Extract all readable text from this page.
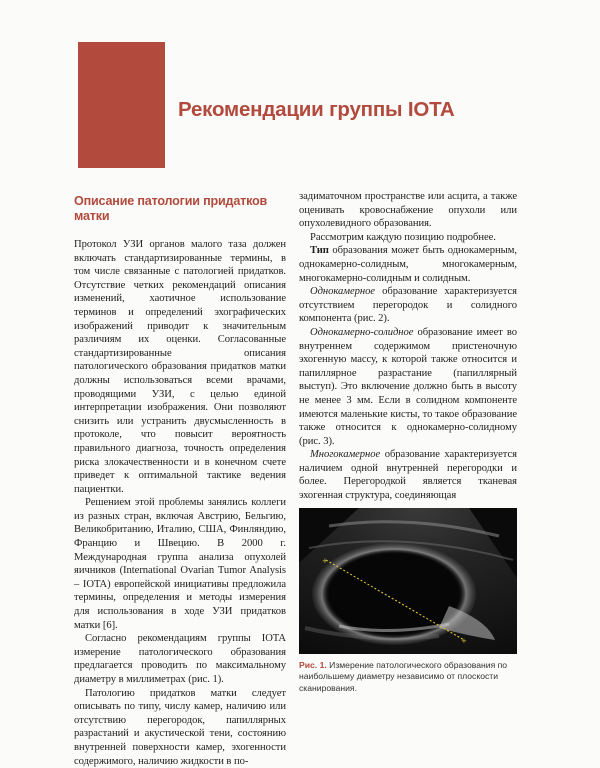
Рекомендации группы IOTA
Описание патологии придатков матки

Протокол УЗИ органов малого таза должен включать стандартизированные термины, в том числе связанные с патологией придатков. Отсутствие четких рекомендаций описания изменений, хаотичное использование терминов и определений эхографических изображений приводит к значительным различиям их оценки. Согласованные стандартизированные описания патологического образования придатков матки должны использоваться всеми врачами, проводящими УЗИ, с целью единой интерпретации изображения. Они позволяют снизить или устранить двусмысленность в протоколе, что повысит вероятность правильного диагноза, точность определения риска злокачественности и в конечном счете приведет к оптимальной тактике ведения пациентки.

Решением этой проблемы занялись коллеги из разных стран, включая Австрию, Бельгию, Великобританию, Италию, США, Финляндию, Францию и Швецию. В 2000 г. Международная группа анализа опухолей яичников (International Ovarian Tumor Analysis – IOTA) европейской инициативы предложила термины, определения и методы измерения для использования в ходе УЗИ придатков матки [6].

Согласно рекомендациям группы IOTA измерение патологического образования предлагается проводить по максимальному диаметру в миллиметрах (рис. 1).

Патологию придатков матки следует описывать по типу, числу камер, наличию или отсутствию перегородок, папиллярных разрастаний и акустической тени, состоянию внутренней поверхности камер, эхогенности содержимого, наличию жидкости в по-

задиматочном пространстве или асцита, а также оценивать кровоснабжение опухоли или опухолевидного образования.

Рассмотрим каждую позицию подробнее.

Тип образования может быть однокамерным, однокамерно-солидным, многокамерным, многокамерно-солидным и солидным.

Однокамерное образование характеризуется отсутствием перегородок и солидного компонента (рис. 2).

Однокамерно-солидное образование имеет во внутреннем содержимом пристеночную эхогенную массу, к которой также относится и папиллярное разрастание (папиллярный выступ). Это включение должно быть в высоту не менее 3 мм. Если в солидном компоненте имеются маленькие кисты, то такое образование также относится к однокамерно-солидному (рис. 3).

Многокамерное образование характеризуется наличием одной внутренней перегородки и более. Перегородкой является тканевая эхогенная структура, соединяющая

+
+

Рис. 1. Измерение патологического образования по наибольшему диаметру независимо от плоскости сканирования.
